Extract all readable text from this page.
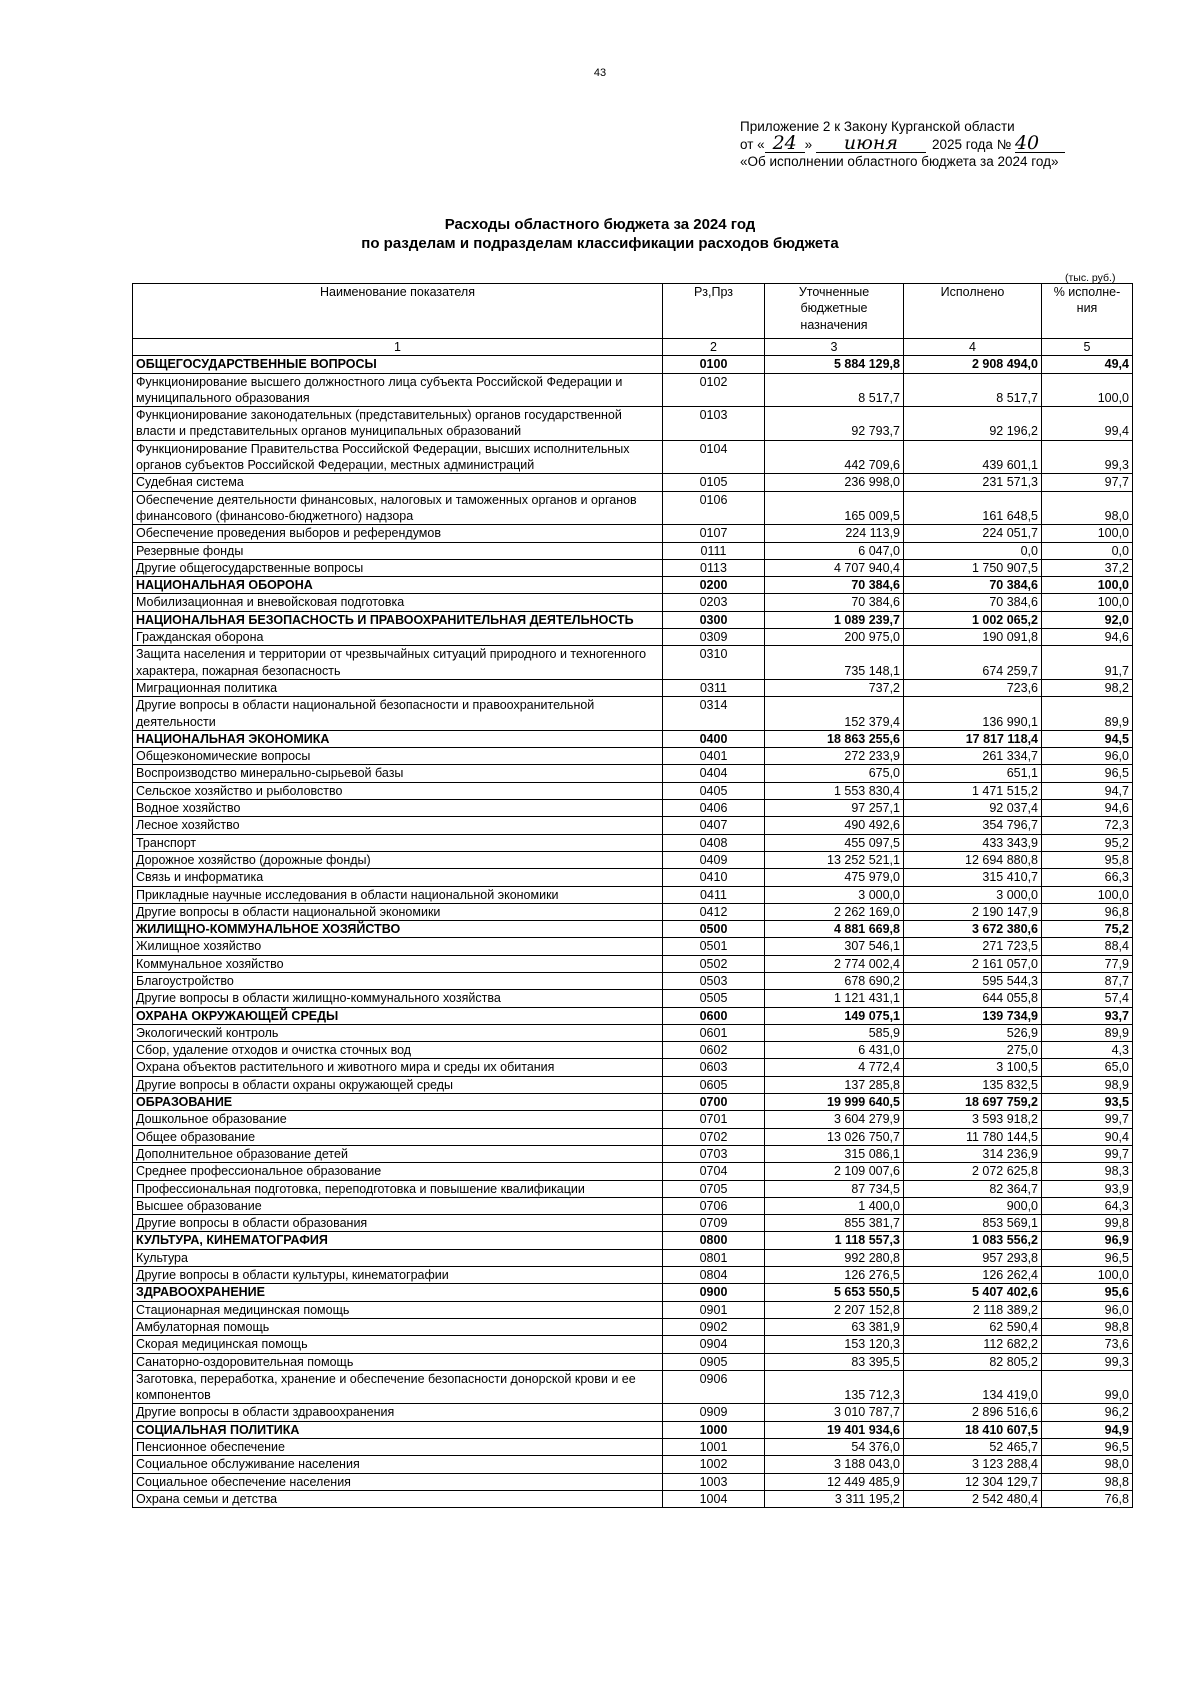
43
Приложение 2 к Закону Курганской области
от « 24 » июня	2025 года № 40
«Об исполнении областного бюджета за 2024 год»
Расходы областного бюджета за 2024 год
по разделам и подразделам классификации расходов бюджета
(тыс. руб.)
Наименование показателя	Рз,Прз	Уточненные бюджетные назначения	Исполнено	% исполне-ния
1	2	3	4	5
ОБЩЕГОСУДАРСТВЕННЫЕ ВОПРОСЫ	0100	5 884 129,8	2 908 494,0	49,4
Функционирование высшего должностного лица субъекта Российской Федерации и муниципального образования	0102	8 517,7	8 517,7	100,0
Функционирование законодательных (представительных) органов государственной власти и представительных органов муниципальных образований	0103	92 793,7	92 196,2	99,4
Функционирование Правительства Российской Федерации, высших исполнительных органов субъектов Российской Федерации, местных администраций	0104	442 709,6	439 601,1	99,3
Судебная система	0105	236 998,0	231 571,3	97,7
Обеспечение деятельности финансовых, налоговых и таможенных органов и органов финансового (финансово-бюджетного) надзора	0106	165 009,5	161 648,5	98,0
Обеспечение проведения выборов и референдумов	0107	224 113,9	224 051,7	100,0
Резервные фонды	0111	6 047,0	0,0	0,0
Другие общегосударственные вопросы	0113	4 707 940,4	1 750 907,5	37,2
НАЦИОНАЛЬНАЯ ОБОРОНА	0200	70 384,6	70 384,6	100,0
Мобилизационная и вневойсковая подготовка	0203	70 384,6	70 384,6	100,0
НАЦИОНАЛЬНАЯ БЕЗОПАСНОСТЬ И ПРАВООХРАНИТЕЛЬНАЯ ДЕЯТЕЛЬНОСТЬ	0300	1 089 239,7	1 002 065,2	92,0
Гражданская оборона	0309	200 975,0	190 091,8	94,6
Защита населения и территории от чрезвычайных ситуаций природного и техногенного характера, пожарная безопасность	0310	735 148,1	674 259,7	91,7
Миграционная политика	0311	737,2	723,6	98,2
Другие вопросы в области национальной безопасности и правоохранительной деятельности	0314	152 379,4	136 990,1	89,9
НАЦИОНАЛЬНАЯ ЭКОНОМИКА	0400	18 863 255,6	17 817 118,4	94,5
Общеэкономические вопросы	0401	272 233,9	261 334,7	96,0
Воспроизводство минерально-сырьевой базы	0404	675,0	651,1	96,5
Сельское хозяйство и рыболовство	0405	1 553 830,4	1 471 515,2	94,7
Водное хозяйство	0406	97 257,1	92 037,4	94,6
Лесное хозяйство	0407	490 492,6	354 796,7	72,3
Транспорт	0408	455 097,5	433 343,9	95,2
Дорожное хозяйство (дорожные фонды)	0409	13 252 521,1	12 694 880,8	95,8
Связь и информатика	0410	475 979,0	315 410,7	66,3
Прикладные научные исследования в области национальной экономики	0411	3 000,0	3 000,0	100,0
Другие вопросы в области национальной экономики	0412	2 262 169,0	2 190 147,9	96,8
ЖИЛИЩНО-КОММУНАЛЬНОЕ ХОЗЯЙСТВО	0500	4 881 669,8	3 672 380,6	75,2
Жилищное хозяйство	0501	307 546,1	271 723,5	88,4
Коммунальное хозяйство	0502	2 774 002,4	2 161 057,0	77,9
Благоустройство	0503	678 690,2	595 544,3	87,7
Другие вопросы в области жилищно-коммунального хозяйства	0505	1 121 431,1	644 055,8	57,4
ОХРАНА ОКРУЖАЮЩЕЙ СРЕДЫ	0600	149 075,1	139 734,9	93,7
Экологический контроль	0601	585,9	526,9	89,9
Сбор, удаление отходов и очистка сточных вод	0602	6 431,0	275,0	4,3
Охрана объектов растительного и животного мира и среды их обитания	0603	4 772,4	3 100,5	65,0
Другие вопросы в области охраны окружающей среды	0605	137 285,8	135 832,5	98,9
ОБРАЗОВАНИЕ	0700	19 999 640,5	18 697 759,2	93,5
Дошкольное образование	0701	3 604 279,9	3 593 918,2	99,7
Общее образование	0702	13 026 750,7	11 780 144,5	90,4
Дополнительное образование детей	0703	315 086,1	314 236,9	99,7
Среднее профессиональное образование	0704	2 109 007,6	2 072 625,8	98,3
Профессиональная подготовка, переподготовка и повышение квалификации	0705	87 734,5	82 364,7	93,9
Высшее образование	0706	1 400,0	900,0	64,3
Другие вопросы в области образования	0709	855 381,7	853 569,1	99,8
КУЛЬТУРА, КИНЕМАТОГРАФИЯ	0800	1 118 557,3	1 083 556,2	96,9
Культура	0801	992 280,8	957 293,8	96,5
Другие вопросы в области культуры, кинематографии	0804	126 276,5	126 262,4	100,0
ЗДРАВООХРАНЕНИЕ	0900	5 653 550,5	5 407 402,6	95,6
Стационарная медицинская помощь	0901	2 207 152,8	2 118 389,2	96,0
Амбулаторная помощь	0902	63 381,9	62 590,4	98,8
Скорая медицинская помощь	0904	153 120,3	112 682,2	73,6
Санаторно-оздоровительная помощь	0905	83 395,5	82 805,2	99,3
Заготовка, переработка, хранение и обеспечение безопасности донорской крови и ее компонентов	0906	135 712,3	134 419,0	99,0
Другие вопросы в области здравоохранения	0909	3 010 787,7	2 896 516,6	96,2
СОЦИАЛЬНАЯ ПОЛИТИКА	1000	19 401 934,6	18 410 607,5	94,9
Пенсионное обеспечение	1001	54 376,0	52 465,7	96,5
Социальное обслуживание населения	1002	3 188 043,0	3 123 288,4	98,0
Социальное обеспечение населения	1003	12 449 485,9	12 304 129,7	98,8
Охрана семьи и детства	1004	3 311 195,2	2 542 480,4	76,8
